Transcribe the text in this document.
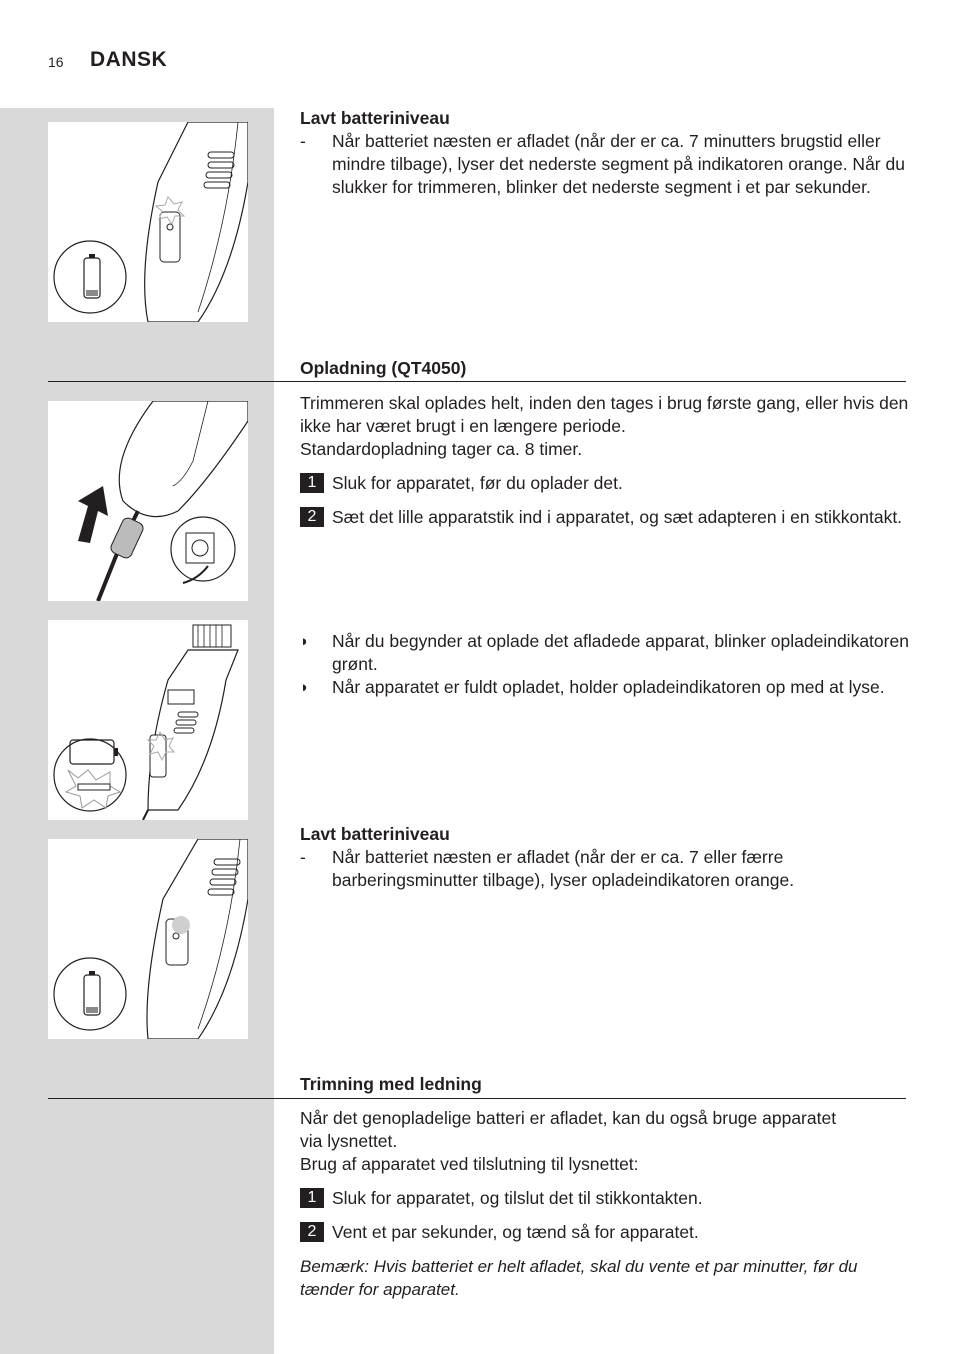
16 DANSK
Lavt batteriniveau
- Når batteriet næsten er afladet (når der er ca. 7 minutters brugstid eller mindre tilbage), lyser det nederste segment på indikatoren orange. Når du slukker for trimmeren, blinker det nederste segment i et par sekunder.
Opladning (QT4050)
Trimmeren skal oplades helt, inden den tages i brug første gang, eller hvis den ikke har været brugt i en længere periode.
Standardopladning tager ca. 8 timer.
1 Sluk for apparatet, før du oplader det.
2 Sæt det lille apparatstik ind i apparatet, og sæt adapteren i en stikkontakt.
◗ Når du begynder at oplade det afladede apparat, blinker opladeindikatoren grønt.
◗ Når apparatet er fuldt opladet, holder opladeindikatoren op med at lyse.
Lavt batteriniveau
- Når batteriet næsten er afladet (når der er ca. 7 eller færre barberingsminutter tilbage), lyser opladeindikatoren orange.
Trimning med ledning
Når det genopladelige batteri er afladet, kan du også bruge apparatet via lysnettet.
Brug af apparatet ved tilslutning til lysnettet:
1 Sluk for apparatet, og tilslut det til stikkontakten.
2 Vent et par sekunder, og tænd så for apparatet.
Bemærk: Hvis batteriet er helt afladet, skal du vente et par minutter, før du tænder for apparatet.
